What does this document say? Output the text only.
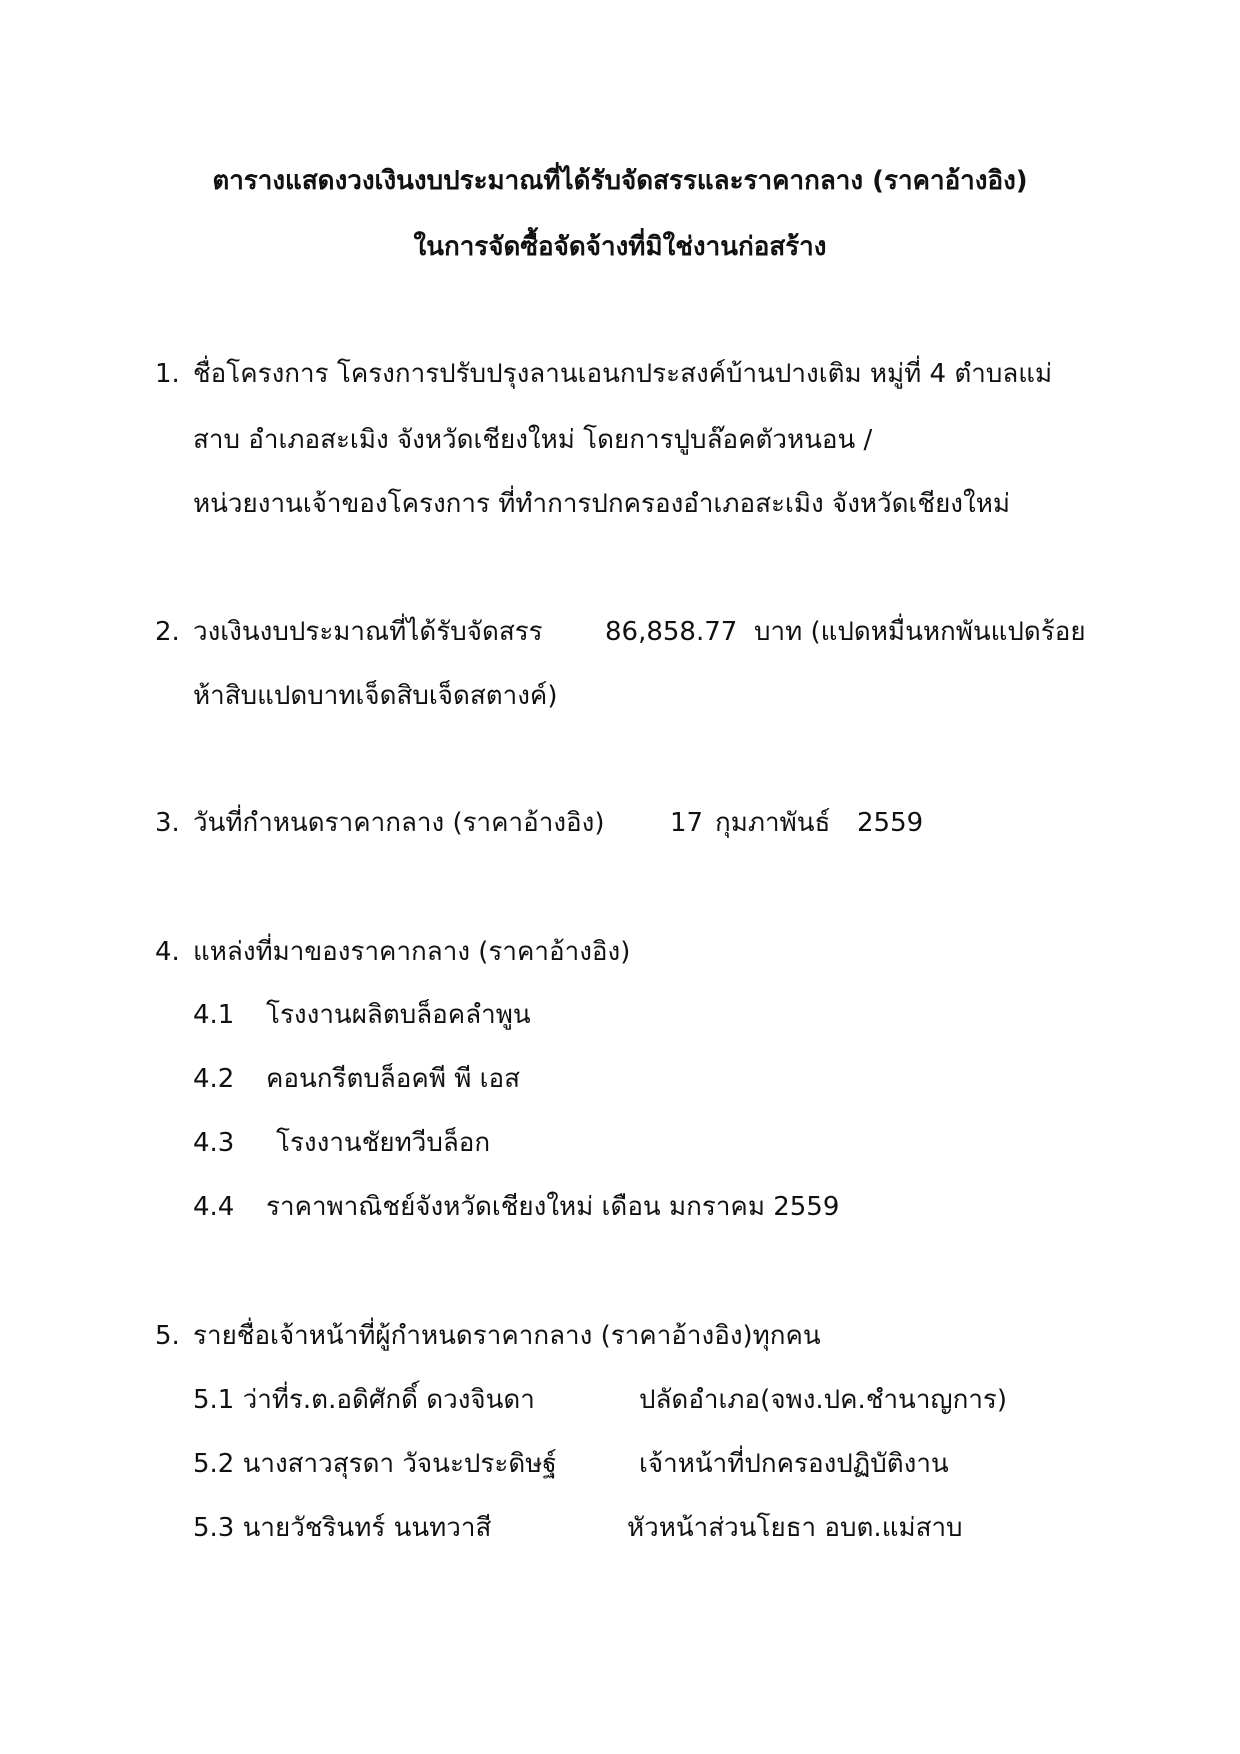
ตารางแสดงวงเงินงบประมาณที่ได้รับจัดสรรและราคากลาง (ราคาอ้างอิง)
ในการจัดซื้อจัดจ้างที่มิใช่งานก่อสร้าง
1. ชื่อโครงการ โครงการปรับปรุงลานเอนกประสงค์บ้านปางเติม หมู่ที่ 4 ตำบลแม่
สาบ อำเภอสะเมิง จังหวัดเชียงใหม่ โดยการปูบล๊อคตัวหนอน /
หน่วยงานเจ้าของโครงการ ที่ทำการปกครองอำเภอสะเมิง จังหวัดเชียงใหม่
2. วงเงินงบประมาณที่ได้รับจัดสรร 86,858.77 บาท (แปดหมื่นหกพันแปดร้อย
ห้าสิบแปดบาทเจ็ดสิบเจ็ดสตางค์)
3. วันที่กำหนดราคากลาง (ราคาอ้างอิง)	17 กุมภาพันธ์ 2559
4. แหล่งที่มาของราคากลาง (ราคาอ้างอิง)
4.1 โรงงานผลิตบล็อคลำพูน
4.2 คอนกรีตบล็อคพี พี เอส
4.3 โรงงานชัยทวีบล็อก
4.4 ราคาพาณิชย์จังหวัดเชียงใหม่ เดือน มกราคม 2559
5. รายชื่อเจ้าหน้าที่ผู้กำหนดราคากลาง (ราคาอ้างอิง)ทุกคน
5.1 ว่าที่ร.ต.อดิศักดิ์ ดวงจินดา	ปลัดอำเภอ(จพง.ปค.ชำนาญการ)
5.2 นางสาวสุรดา วัจนะประดิษฐ์	เจ้าหน้าที่ปกครองปฏิบัติงาน
5.3 นายวัชรินทร์ นนทวาสี	หัวหน้าส่วนโยธา อบต.แม่สาบ
